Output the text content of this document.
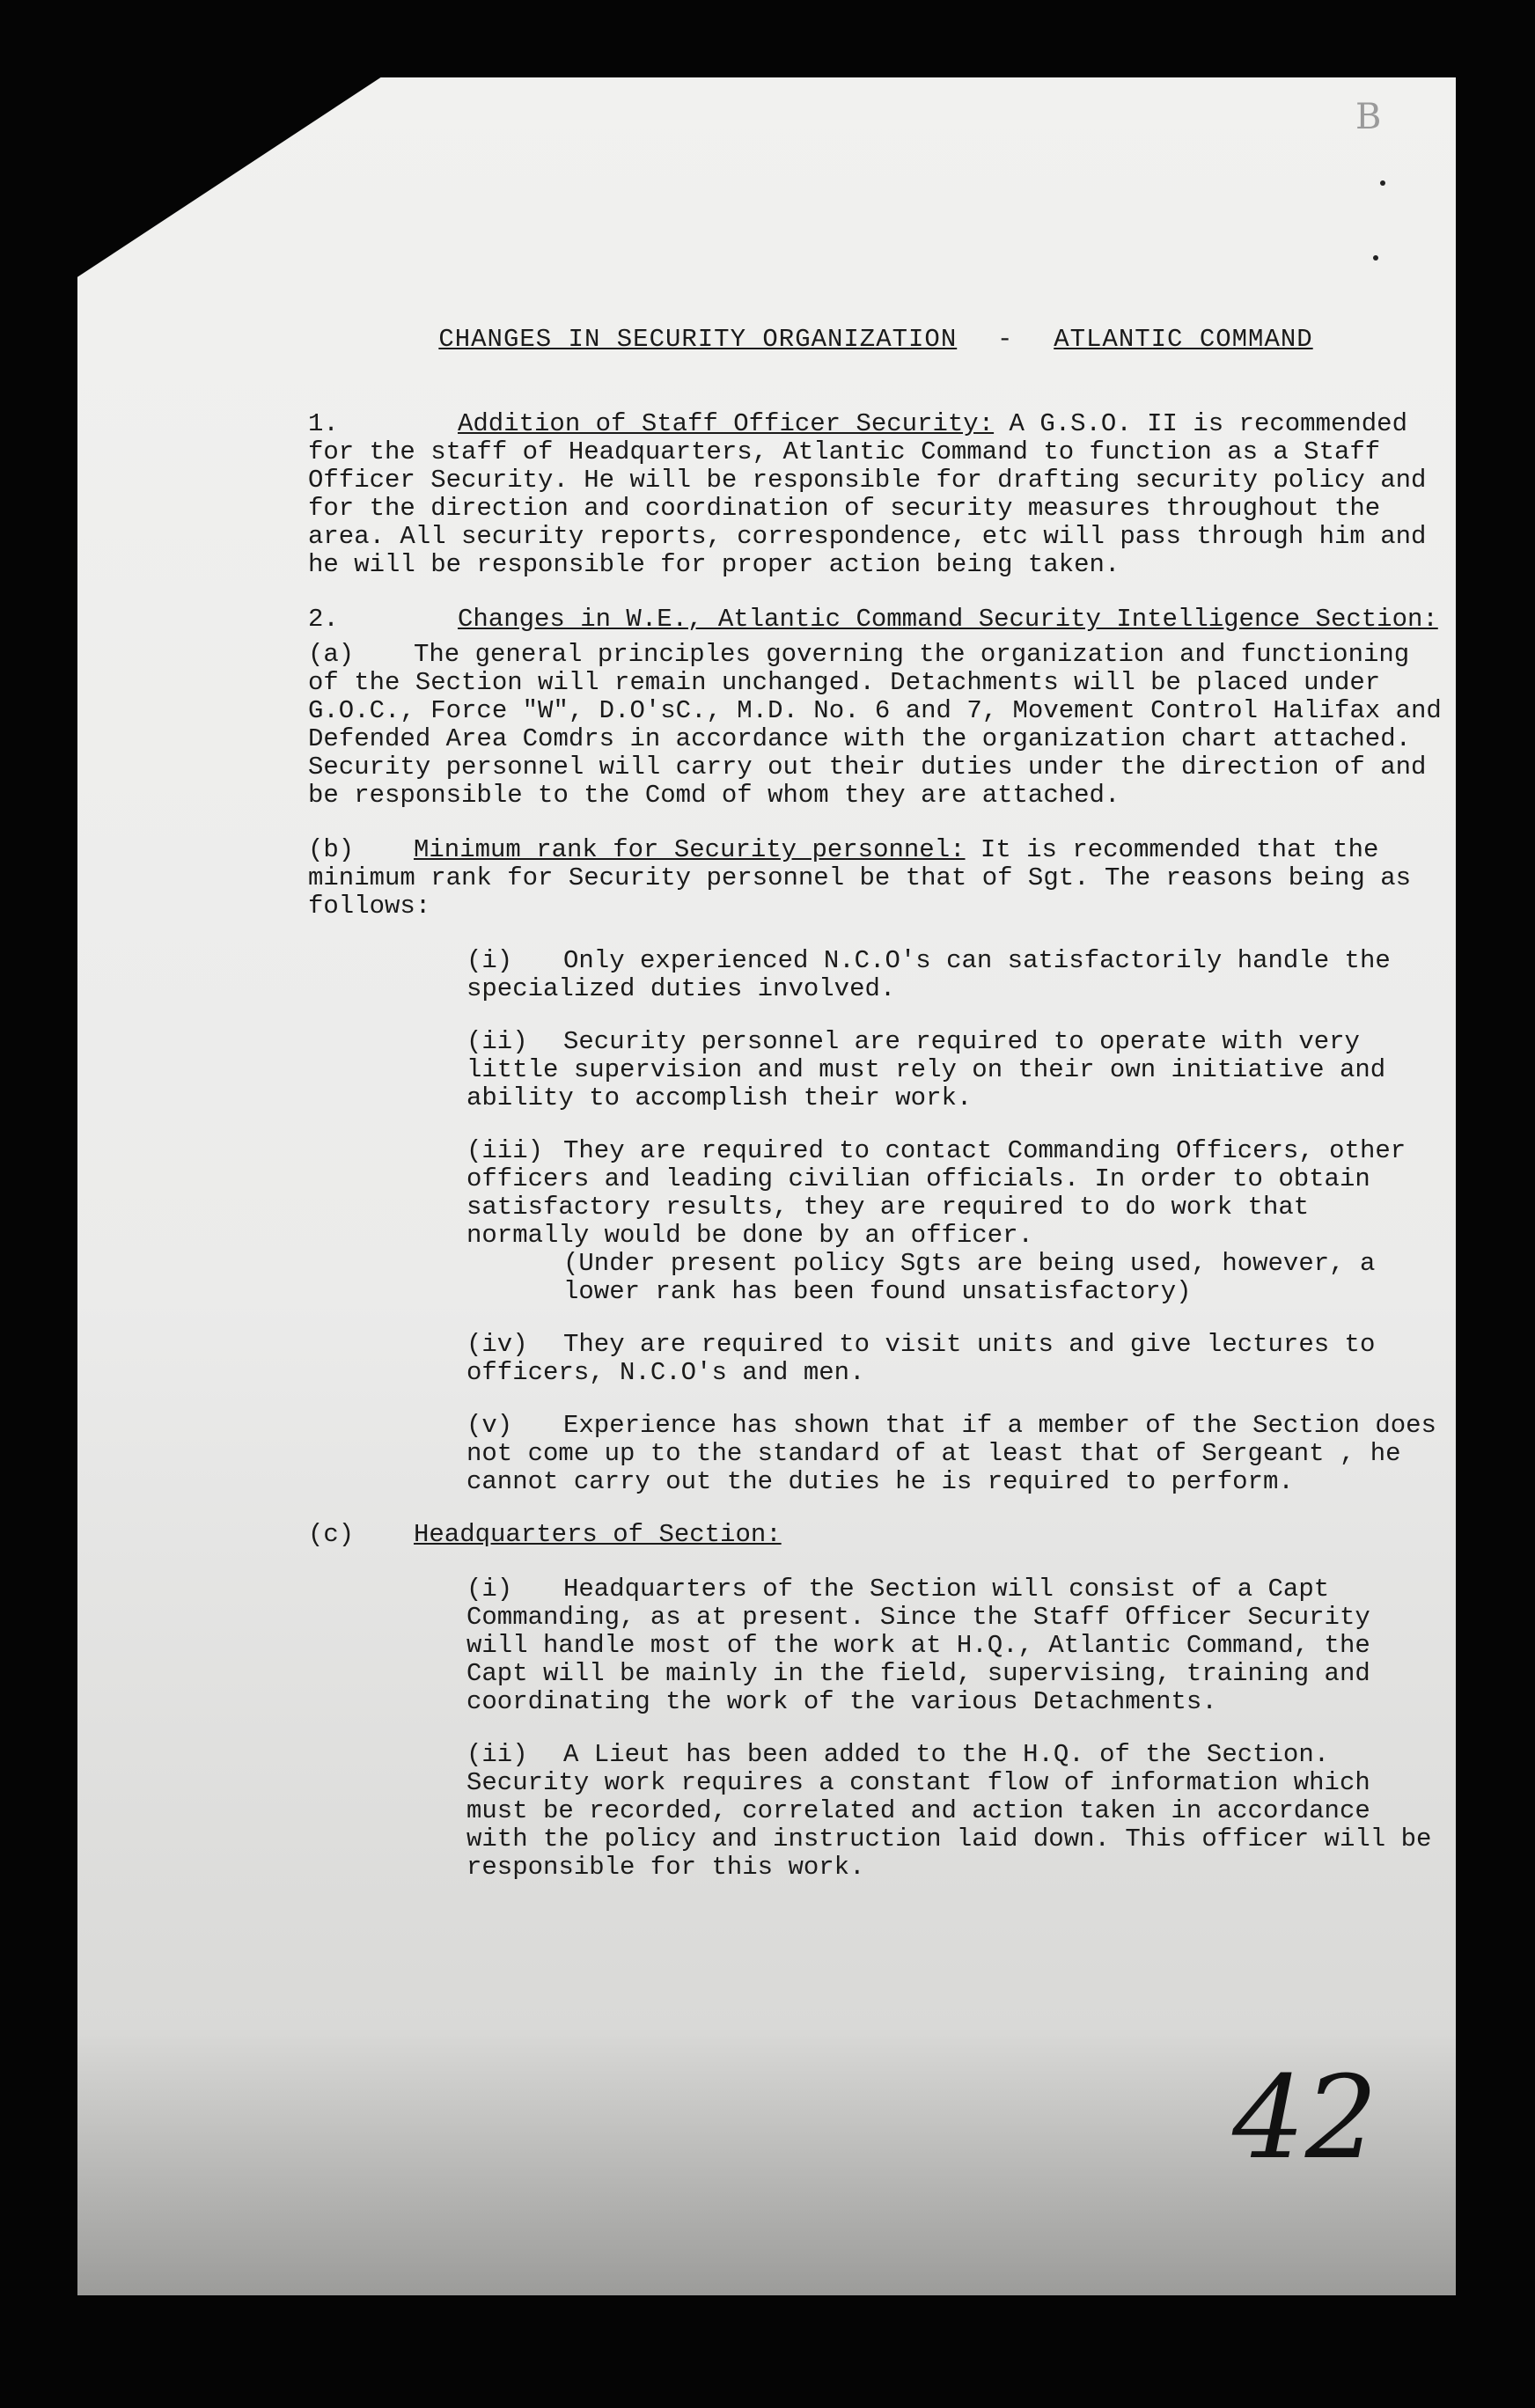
B
CHANGES IN SECURITY ORGANIZATION - ATLANTIC COMMAND

1.	Addition of Staff Officer Security: A G.S.O. II is recommended for the staff of Headquarters, Atlantic Command to function as a Staff Officer Security. He will be responsible for drafting security policy and for the direction and coordination of security measures throughout the area. All security reports, correspondence, etc will pass through him and he will be responsible for proper action being taken.

2.	Changes in W.E., Atlantic Command Security Intelligence Section:

(a) The general principles governing the organization and functioning of the Section will remain unchanged. Detachments will be placed under G.O.C., Force "W", D.O'sC., M.D. No. 6 and 7, Movement Control Halifax and Defended Area Comdrs in accordance with the organization chart attached. Security personnel will carry out their duties under the direction of and be responsible to the Comd of whom they are attached.

(b) Minimum rank for Security personnel: It is recommended that the minimum rank for Security personnel be that of Sgt. The reasons being as follows:

(i) Only experienced N.C.O's can satisfactorily handle the specialized duties involved.
(ii) Security personnel are required to operate with very little supervision and must rely on their own initiative and ability to accomplish their work.
(iii) They are required to contact Commanding Officers, other officers and leading civilian officials. In order to obtain satisfactory results, they are required to do work that normally would be done by an officer.
(Under present policy Sgts are being used, however, a lower rank has been found unsatisfactory)
(iv) They are required to visit units and give lectures to officers, N.C.O's and men.
(v) Experience has shown that if a member of the Section does not come up to the standard of at least that of Sergeant , he cannot carry out the duties he is required to perform.

(c) Headquarters of Section:

(i) Headquarters of the Section will consist of a Capt Commanding, as at present. Since the Staff Officer Security will handle most of the work at H.Q., Atlantic Command, the Capt will be mainly in the field, supervising, training and coordinating the work of the various Detachments.
(ii) A Lieut has been added to the H.Q. of the Section. Security work requires a constant flow of information which must be recorded, correlated and action taken in accordance with the policy and instruction laid down. This officer will be responsible for this work.
42
